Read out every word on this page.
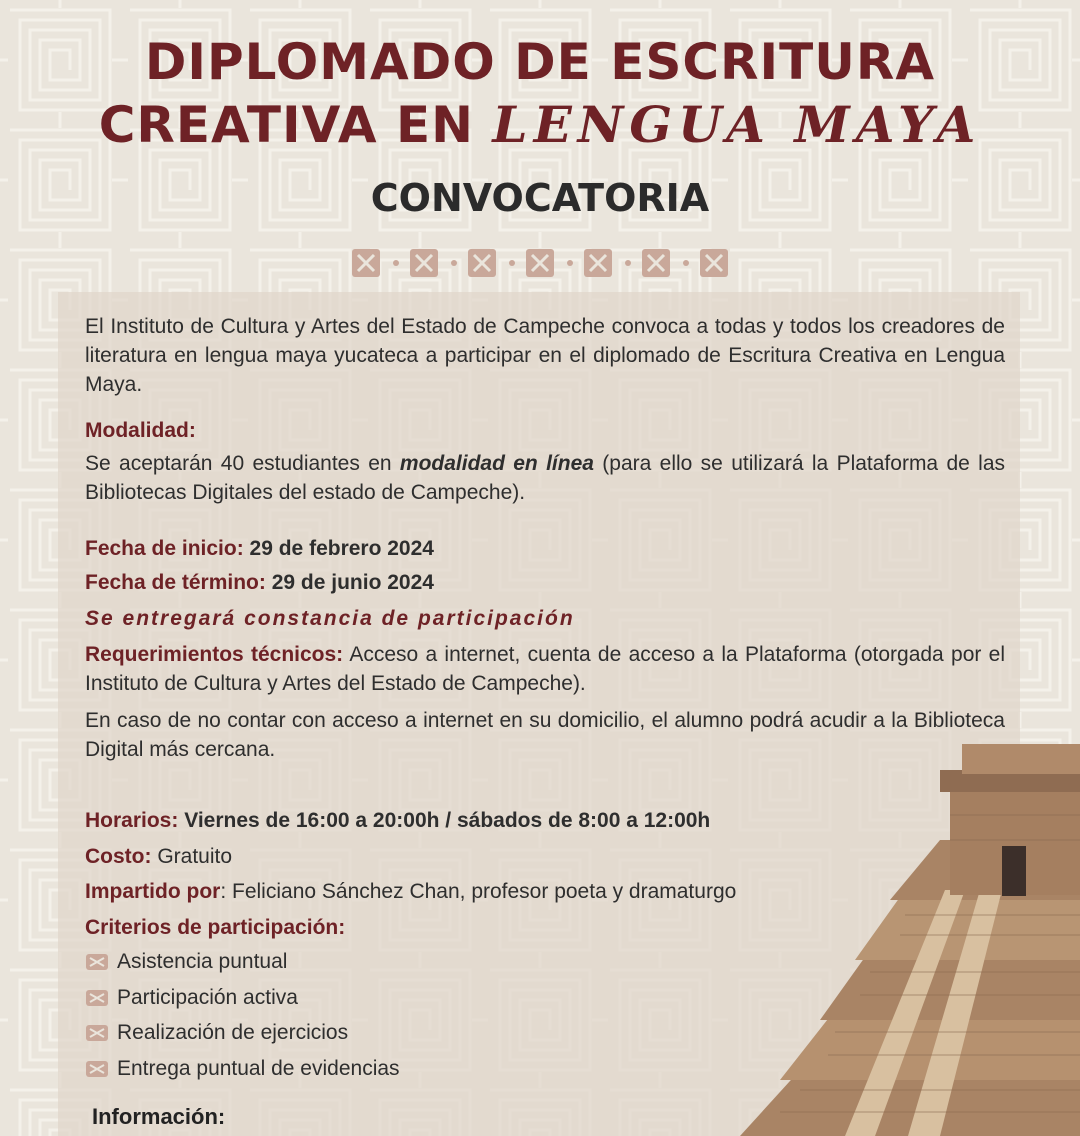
DIPLOMADO DE ESCRITURA
CREATIVA EN LENGUA MAYA
CONVOCATORIA
El Instituto de Cultura y Artes del Estado de Campeche convoca a todas y todos los creadores de literatura en lengua maya yucateca a participar en el diplomado de Escritura Creativa en Lengua Maya.
Modalidad:
Se aceptarán 40 estudiantes en modalidad en línea (para ello se utilizará la Plataforma de las Bibliotecas Digitales del estado de Campeche).
Fecha de inicio: 29 de febrero 2024
Fecha de término: 29 de junio 2024
Se entregará constancia de participación
Requerimientos técnicos: Acceso a internet, cuenta de acceso a la Plataforma (otorgada por el Instituto de Cultura y Artes del Estado de Campeche).
En caso de no contar con acceso a internet en su domicilio, el alumno podrá acudir a la Biblioteca Digital más cercana.
Horarios: Viernes de 16:00 a 20:00h / sábados de 8:00 a 12:00h
Costo: Gratuito
Impartido por: Feliciano Sánchez Chan, profesor poeta y dramaturgo
Criterios de participación:
Asistencia puntual
Participación activa
Realización de ejercicios
Entrega puntual de evidencias
Información:
